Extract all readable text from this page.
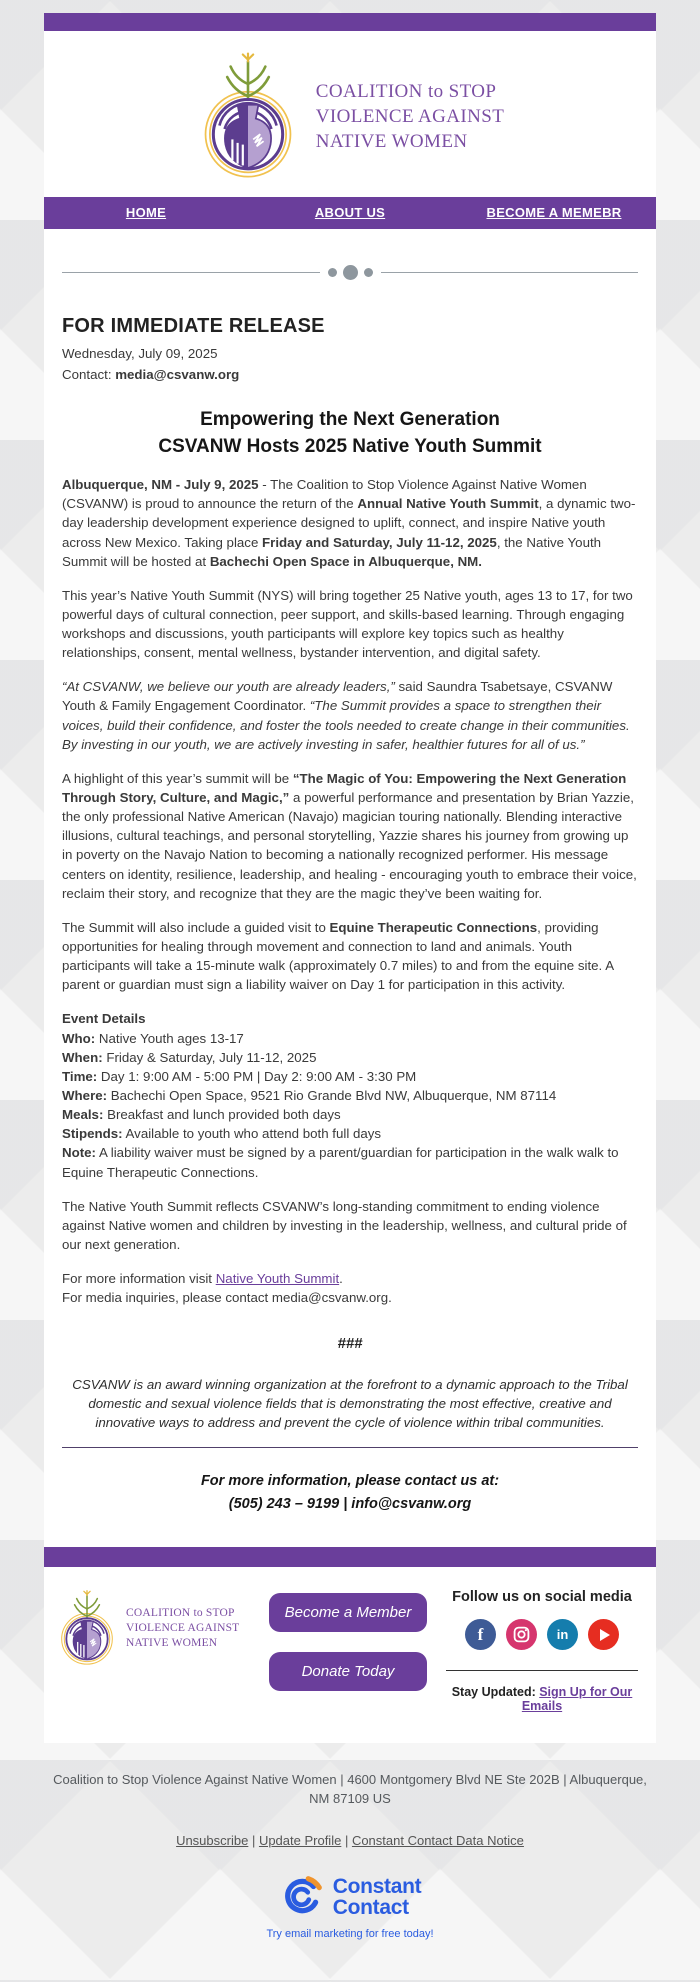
COALITION to STOP
VIOLENCE AGAINST
NATIVE WOMEN
HOME	ABOUT US	BECOME A MEMEBR
FOR IMMEDIATE RELEASE
Wednesday, July 09, 2025
Contact: media@csvanw.org
Empowering the Next Generation
CSVANW Hosts 2025 Native Youth Summit

Albuquerque, NM - July 9, 2025 - The Coalition to Stop Violence Against Native Women (CSVANW) is proud to announce the return of the Annual Native Youth Summit, a dynamic two-day leadership development experience designed to uplift, connect, and inspire Native youth across New Mexico. Taking place Friday and Saturday, July 11-12, 2025, the Native Youth Summit will be hosted at Bachechi Open Space in Albuquerque, NM.

This year’s Native Youth Summit (NYS) will bring together 25 Native youth, ages 13 to 17, for two powerful days of cultural connection, peer support, and skills-based learning. Through engaging workshops and discussions, youth participants will explore key topics such as healthy relationships, consent, mental wellness, bystander intervention, and digital safety.

“At CSVANW, we believe our youth are already leaders,” said Saundra Tsabetsaye, CSVANW Youth & Family Engagement Coordinator. “The Summit provides a space to strengthen their voices, build their confidence, and foster the tools needed to create change in their communities. By investing in our youth, we are actively investing in safer, healthier futures for all of us.”

A highlight of this year’s summit will be “The Magic of You: Empowering the Next Generation Through Story, Culture, and Magic,” a powerful performance and presentation by Brian Yazzie, the only professional Native American (Navajo) magician touring nationally. Blending interactive illusions, cultural teachings, and personal storytelling, Yazzie shares his journey from growing up in poverty on the Navajo Nation to becoming a nationally recognized performer. His message centers on identity, resilience, leadership, and healing - encouraging youth to embrace their voice, reclaim their story, and recognize that they are the magic they’ve been waiting for.

The Summit will also include a guided visit to Equine Therapeutic Connections, providing opportunities for healing through movement and connection to land and animals. Youth participants will take a 15-minute walk (approximately 0.7 miles) to and from the equine site. A parent or guardian must sign a liability waiver on Day 1 for participation in this activity.

Event Details
Who: Native Youth ages 13-17
When: Friday & Saturday, July 11-12, 2025
Time: Day 1: 9:00 AM - 5:00 PM | Day 2: 9:00 AM - 3:30 PM
Where: Bachechi Open Space, 9521 Rio Grande Blvd NW, Albuquerque, NM 87114
Meals: Breakfast and lunch provided both days
Stipends: Available to youth who attend both full days
Note: A liability waiver must be signed by a parent/guardian for participation in the walk walk to Equine Therapeutic Connections.

The Native Youth Summit reflects CSVANW’s long-standing commitment to ending violence against Native women and children by investing in the leadership, wellness, and cultural pride of our next generation.

For more information visit Native Youth Summit.
For media inquiries, please contact media@csvanw.org.
###

CSVANW is an award winning organization at the forefront to a dynamic approach to the Tribal domestic and sexual violence fields that is demonstrating the most effective, creative and innovative ways to address and prevent the cycle of violence within tribal communities.

For more information, please contact us at:
(505) 243 – 9199 | info@csvanw.org
COALITION to STOP
VIOLENCE AGAINST
NATIVE WOMEN
Become a Member
Donate Today
Follow us on social media
f	in
Stay Updated: Sign Up for Our Emails

Coalition to Stop Violence Against Native Women | 4600 Montgomery Blvd NE Ste 202B | Albuquerque, NM 87109 US

Unsubscribe | Update Profile | Constant Contact Data Notice

Constant
Contact

Try email marketing for free today!
